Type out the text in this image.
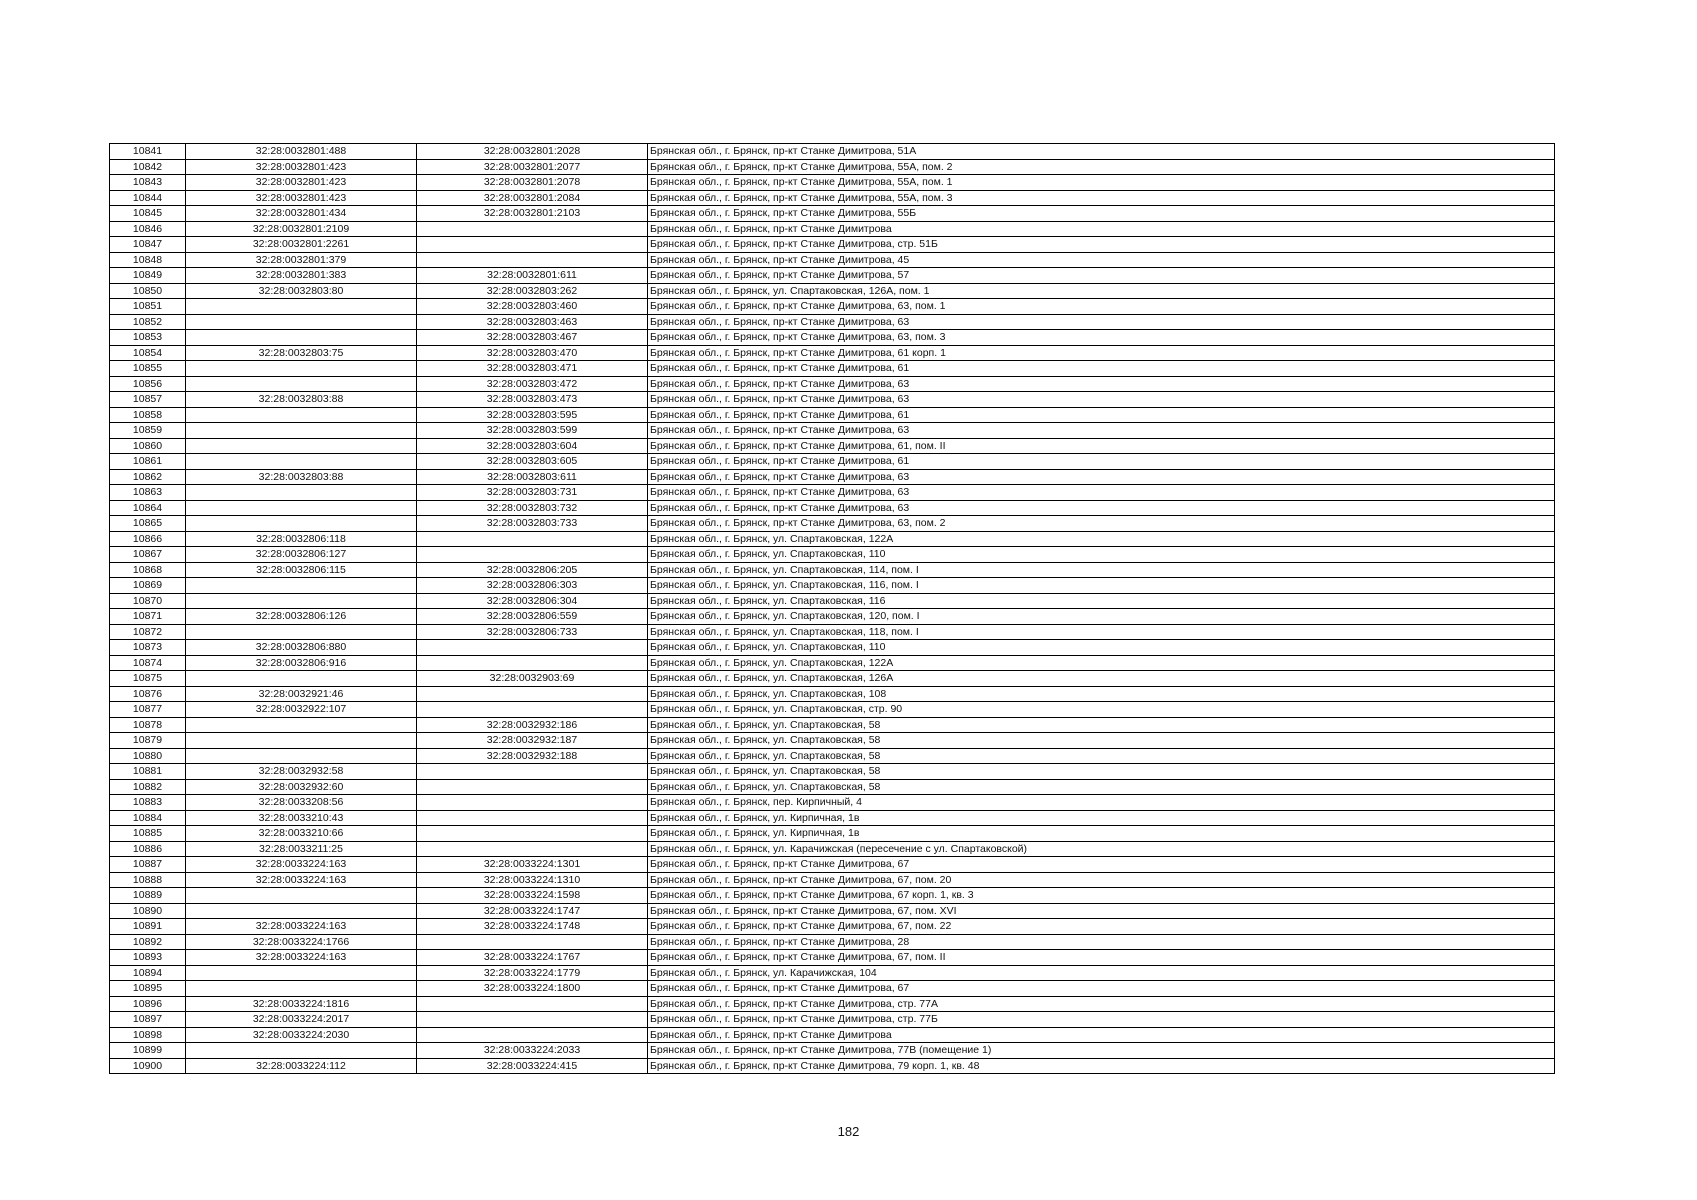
10841	32:28:0032801:488	32:28:0032801:2028	Брянская обл., г. Брянск, пр-кт Станке Димитрова, 51А
10842	32:28:0032801:423	32:28:0032801:2077	Брянская обл., г. Брянск, пр-кт Станке Димитрова, 55А, пом. 2
10843	32:28:0032801:423	32:28:0032801:2078	Брянская обл., г. Брянск, пр-кт Станке Димитрова, 55А, пом. 1
10844	32:28:0032801:423	32:28:0032801:2084	Брянская обл., г. Брянск, пр-кт Станке Димитрова, 55А, пом. 3
10845	32:28:0032801:434	32:28:0032801:2103	Брянская обл., г. Брянск, пр-кт Станке Димитрова, 55Б
10846	32:28:0032801:2109		Брянская обл., г. Брянск, пр-кт Станке Димитрова
10847	32:28:0032801:2261		Брянская обл., г. Брянск, пр-кт Станке Димитрова, стр. 51Б
10848	32:28:0032801:379		Брянская обл., г. Брянск, пр-кт Станке Димитрова, 45
10849	32:28:0032801:383	32:28:0032801:611	Брянская обл., г. Брянск, пр-кт Станке Димитрова, 57
10850	32:28:0032803:80	32:28:0032803:262	Брянская обл., г. Брянск, ул. Спартаковская, 126А, пом. 1
10851		32:28:0032803:460	Брянская обл., г. Брянск, пр-кт Станке Димитрова, 63, пом. 1
10852		32:28:0032803:463	Брянская обл., г. Брянск, пр-кт Станке Димитрова, 63
10853		32:28:0032803:467	Брянская обл., г. Брянск, пр-кт Станке Димитрова, 63, пом. 3
10854	32:28:0032803:75	32:28:0032803:470	Брянская обл., г. Брянск, пр-кт Станке Димитрова, 61 корп. 1
10855		32:28:0032803:471	Брянская обл., г. Брянск, пр-кт Станке Димитрова, 61
10856		32:28:0032803:472	Брянская обл., г. Брянск, пр-кт Станке Димитрова, 63
10857	32:28:0032803:88	32:28:0032803:473	Брянская обл., г. Брянск, пр-кт Станке Димитрова, 63
10858		32:28:0032803:595	Брянская обл., г. Брянск, пр-кт Станке Димитрова, 61
10859		32:28:0032803:599	Брянская обл., г. Брянск, пр-кт Станке Димитрова, 63
10860		32:28:0032803:604	Брянская обл., г. Брянск, пр-кт Станке Димитрова, 61, пом. II
10861		32:28:0032803:605	Брянская обл., г. Брянск, пр-кт Станке Димитрова, 61
10862	32:28:0032803:88	32:28:0032803:611	Брянская обл., г. Брянск, пр-кт Станке Димитрова, 63
10863		32:28:0032803:731	Брянская обл., г. Брянск, пр-кт Станке Димитрова, 63
10864		32:28:0032803:732	Брянская обл., г. Брянск, пр-кт Станке Димитрова, 63
10865		32:28:0032803:733	Брянская обл., г. Брянск, пр-кт Станке Димитрова, 63, пом. 2
10866	32:28:0032806:118		Брянская обл., г. Брянск, ул. Спартаковская, 122А
10867	32:28:0032806:127		Брянская обл., г. Брянск, ул. Спартаковская, 110
10868	32:28:0032806:115	32:28:0032806:205	Брянская обл., г. Брянск, ул. Спартаковская, 114, пом. I
10869		32:28:0032806:303	Брянская обл., г. Брянск, ул. Спартаковская, 116, пом. I
10870		32:28:0032806:304	Брянская обл., г. Брянск, ул. Спартаковская, 116
10871	32:28:0032806:126	32:28:0032806:559	Брянская обл., г. Брянск, ул. Спартаковская, 120, пом. I
10872		32:28:0032806:733	Брянская обл., г. Брянск, ул. Спартаковская, 118, пом. I
10873	32:28:0032806:880		Брянская обл., г. Брянск, ул. Спартаковская, 110
10874	32:28:0032806:916		Брянская обл., г. Брянск, ул. Спартаковская, 122А
10875		32:28:0032903:69	Брянская обл., г. Брянск, ул. Спартаковская, 126А
10876	32:28:0032921:46		Брянская обл., г. Брянск, ул. Спартаковская, 108
10877	32:28:0032922:107		Брянская обл., г. Брянск, ул. Спартаковская, стр. 90
10878		32:28:0032932:186	Брянская обл., г. Брянск, ул. Спартаковская, 58
10879		32:28:0032932:187	Брянская обл., г. Брянск, ул. Спартаковская, 58
10880		32:28:0032932:188	Брянская обл., г. Брянск, ул. Спартаковская, 58
10881	32:28:0032932:58		Брянская обл., г. Брянск, ул. Спартаковская, 58
10882	32:28:0032932:60		Брянская обл., г. Брянск, ул. Спартаковская, 58
10883	32:28:0033208:56		Брянская обл., г. Брянск, пер. Кирпичный, 4
10884	32:28:0033210:43		Брянская обл., г. Брянск, ул. Кирпичная, 1в
10885	32:28:0033210:66		Брянская обл., г. Брянск, ул. Кирпичная, 1в
10886	32:28:0033211:25		Брянская обл., г. Брянск, ул. Карачижская (пересечение с ул. Спартаковской)
10887	32:28:0033224:163	32:28:0033224:1301	Брянская обл., г. Брянск, пр-кт Станке Димитрова, 67
10888	32:28:0033224:163	32:28:0033224:1310	Брянская обл., г. Брянск, пр-кт Станке Димитрова, 67, пом. 20
10889		32:28:0033224:1598	Брянская обл., г. Брянск, пр-кт Станке Димитрова, 67 корп. 1, кв. 3
10890		32:28:0033224:1747	Брянская обл., г. Брянск, пр-кт Станке Димитрова, 67, пом. XVI
10891	32:28:0033224:163	32:28:0033224:1748	Брянская обл., г. Брянск, пр-кт Станке Димитрова, 67, пом. 22
10892	32:28:0033224:1766		Брянская обл., г. Брянск, пр-кт Станке Димитрова, 28
10893	32:28:0033224:163	32:28:0033224:1767	Брянская обл., г. Брянск, пр-кт Станке Димитрова, 67, пом. II
10894		32:28:0033224:1779	Брянская обл., г. Брянск, ул. Карачижская, 104
10895		32:28:0033224:1800	Брянская обл., г. Брянск, пр-кт Станке Димитрова, 67
10896	32:28:0033224:1816		Брянская обл., г. Брянск, пр-кт Станке Димитрова, стр. 77А
10897	32:28:0033224:2017		Брянская обл., г. Брянск, пр-кт Станке Димитрова, стр. 77Б
10898	32:28:0033224:2030		Брянская обл., г. Брянск, пр-кт Станке Димитрова
10899		32:28:0033224:2033	Брянская обл., г. Брянск, пр-кт Станке Димитрова, 77В (помещение 1)
10900	32:28:0033224:112	32:28:0033224:415	Брянская обл., г. Брянск, пр-кт Станке Димитрова, 79 корп. 1, кв. 48
182
